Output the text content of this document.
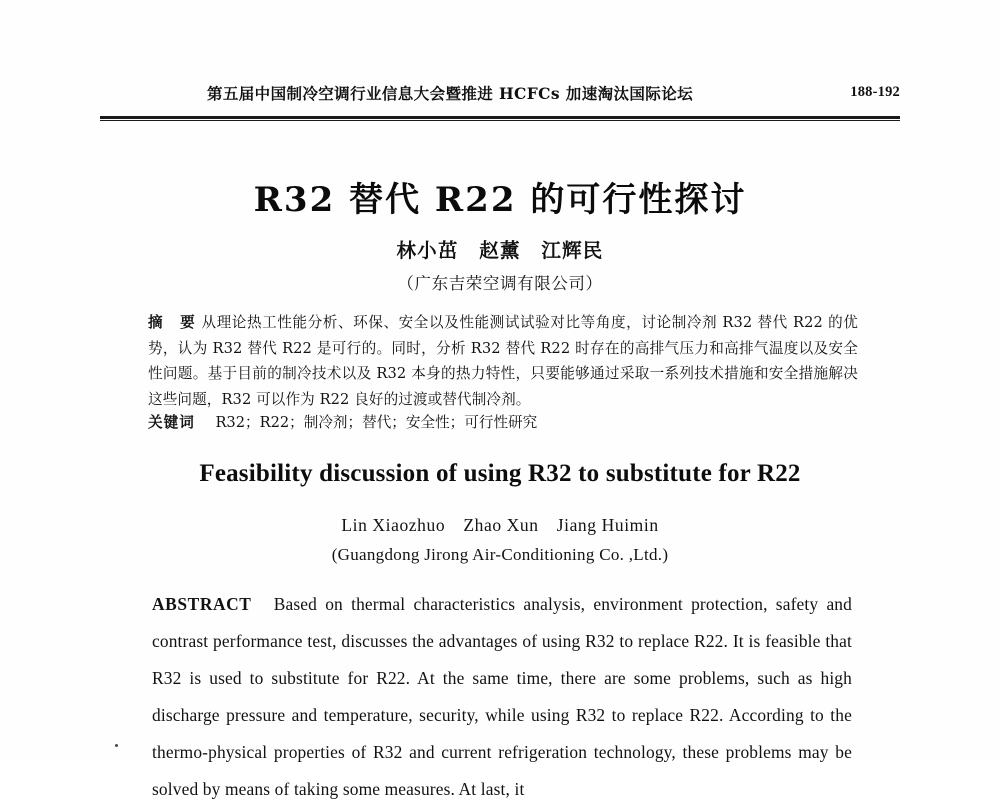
第五届中国制冷空调行业信息大会暨推进 HCFCs 加速淘汰国际论坛	188-192
R32 替代 R22 的可行性探讨
林小茁　赵薰　江辉民
（广东吉荣空调有限公司）
摘　要 从理论热工性能分析、环保、安全以及性能测试试验对比等角度，讨论制冷剂 R32 替代 R22 的优势，认为 R32 替代 R22 是可行的。同时，分析 R32 替代 R22 时存在的高排气压力和高排气温度以及安全性问题。基于目前的制冷技术以及 R32 本身的热力特性，只要能够通过采取一系列技术措施和安全措施解决这些问题，R32 可以作为 R22 良好的过渡或替代制冷剂。
关键词 R32；R22；制冷剂；替代；安全性；可行性研究
Feasibility discussion of using R32 to substitute for R22
Lin Xiaozhuo　Zhao Xun　Jiang Huimin
(Guangdong Jirong Air-Conditioning Co. ,Ltd.)
ABSTRACT Based on thermal characteristics analysis, environment protection, safety and contrast performance test, discusses the advantages of using R32 to replace R22. It is feasible that R32 is used to substitute for R22. At the same time, there are some problems, such as high discharge pressure and temperature, security, while using R32 to replace R22. According to the thermo-physical properties of R32 and current refrigeration technology, these problems may be solved by means of taking some measures. At last, it
